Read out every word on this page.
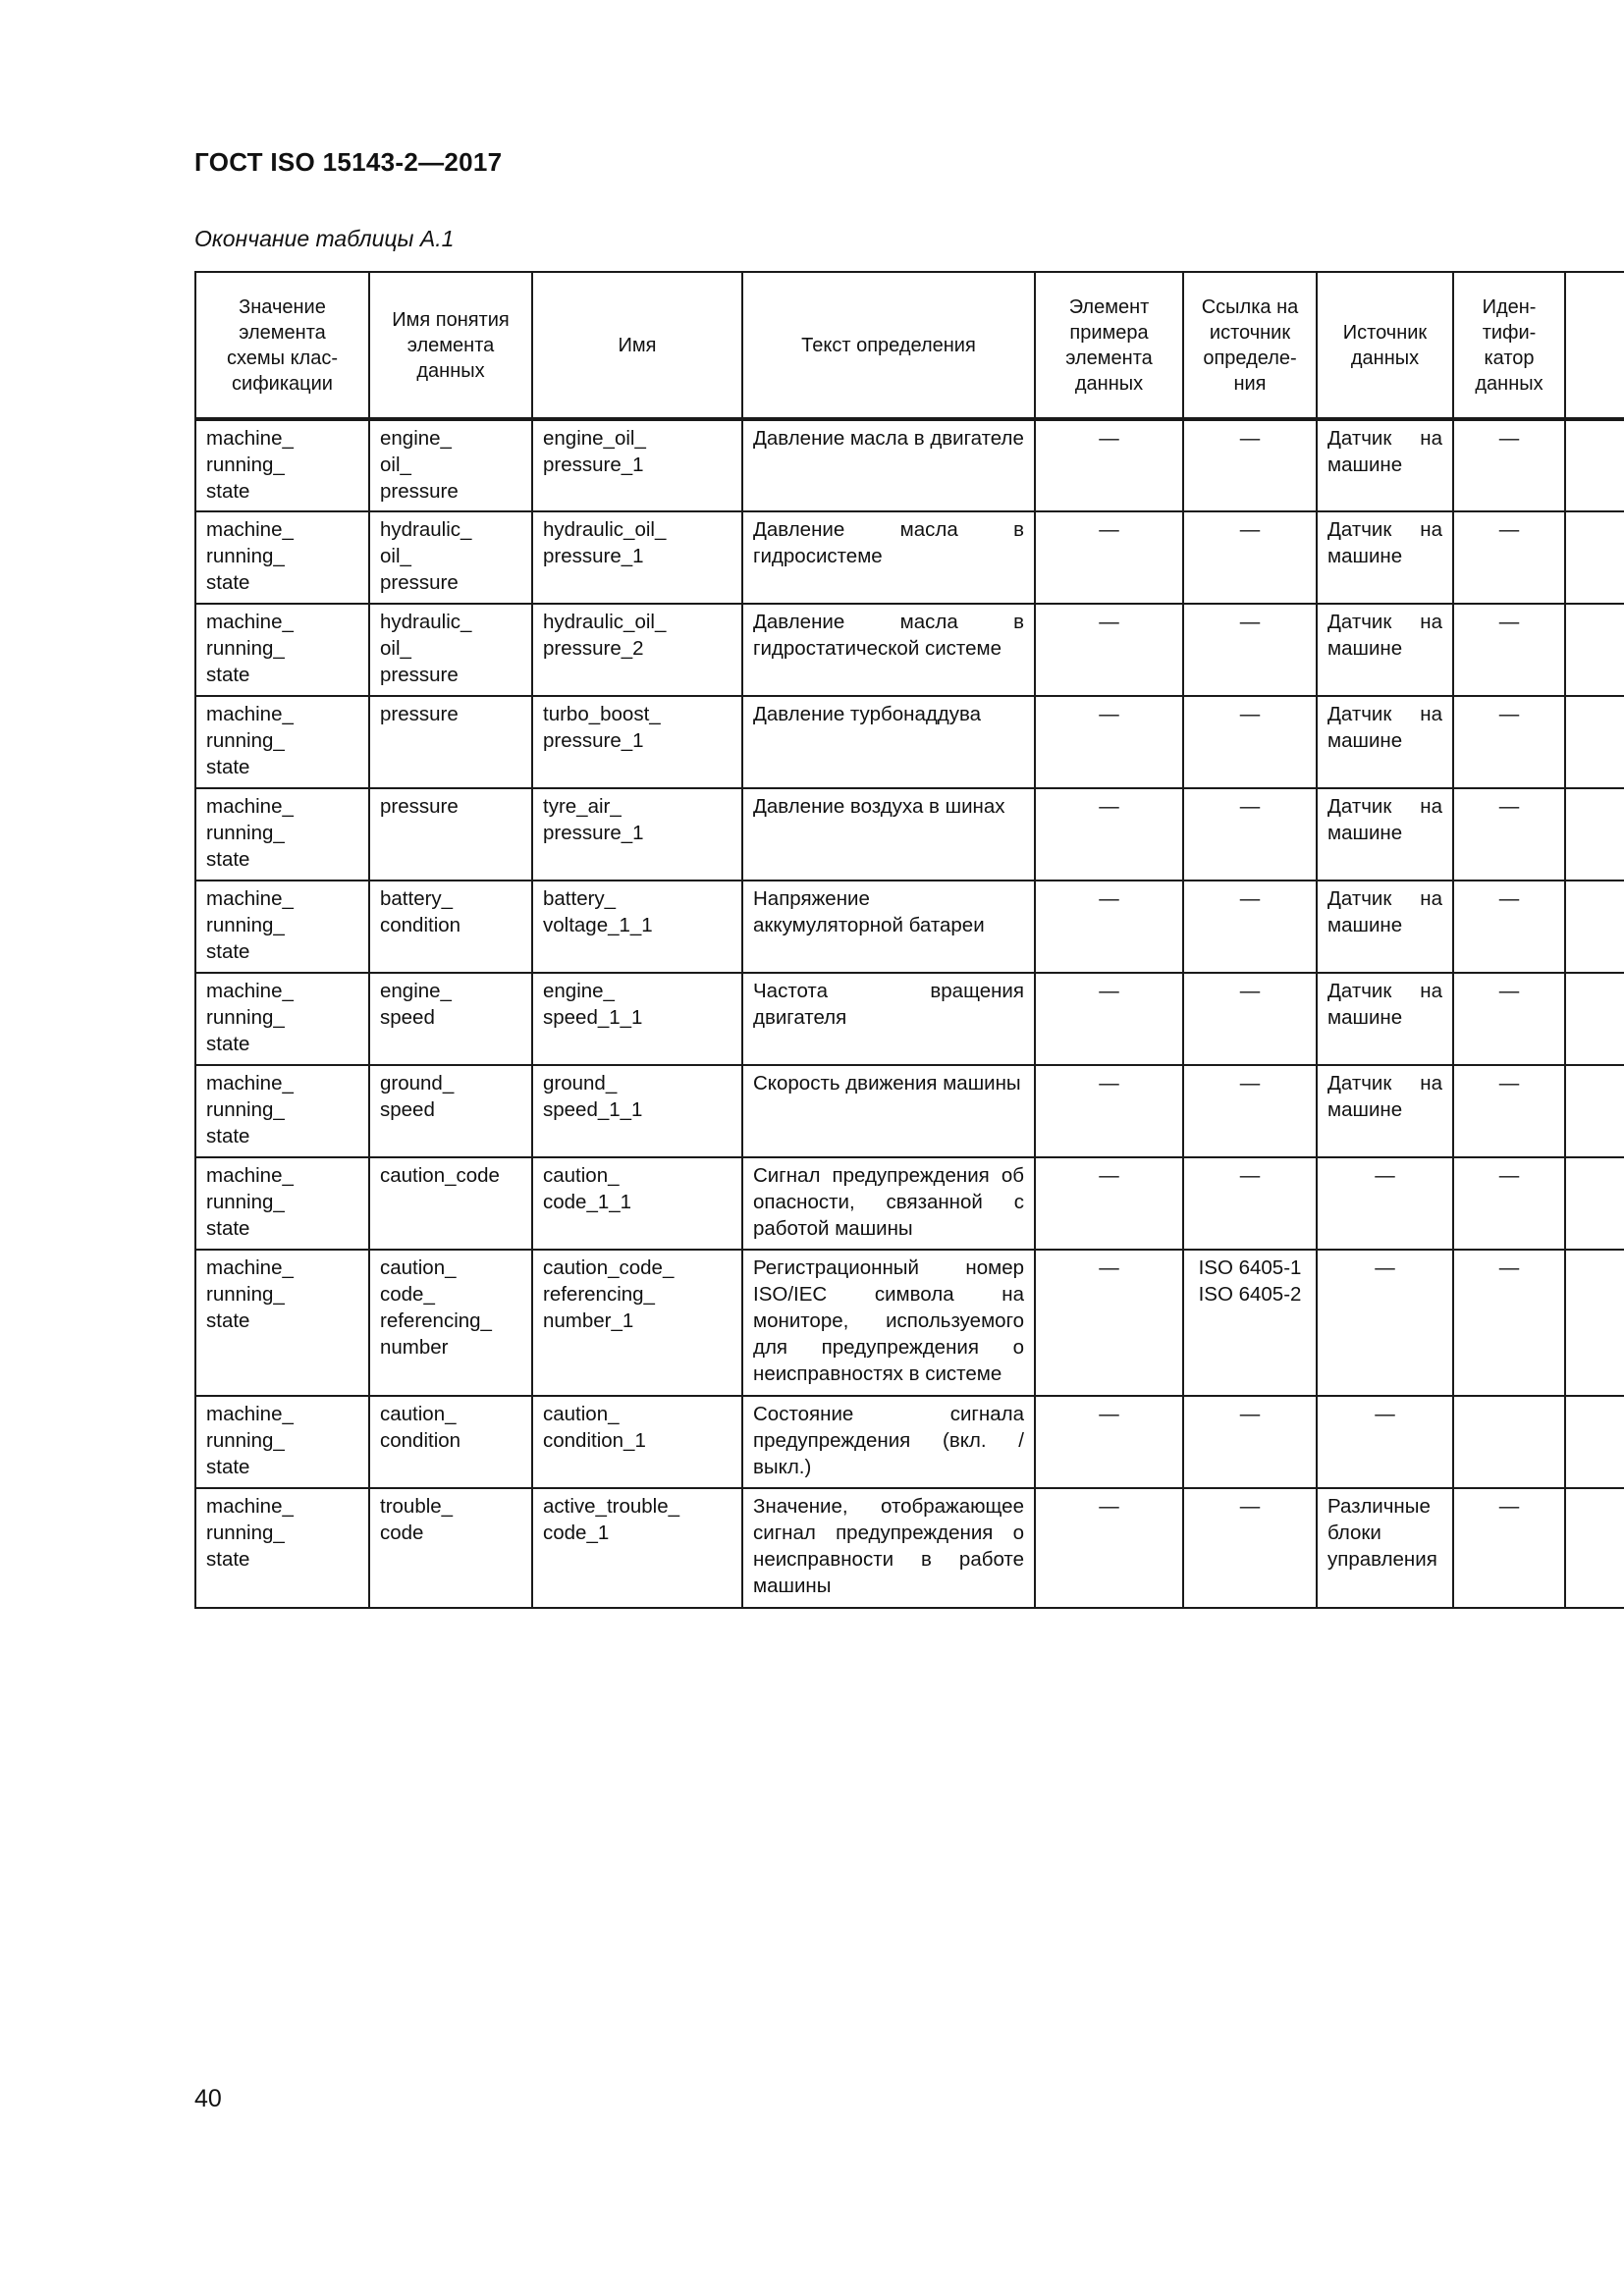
ГОСТ ISO 15143-2—2017
Окончание таблицы А.1
Значение
элемента
схемы клас-
сификации	Имя понятия
элемента
данных	Имя	Текст определения	Элемент
примера
элемента
данных	Ссылка на
источник
определе-
ния	Источник
данных	Иден-
тифи-
катор
данных	

machine_
running_
state	engine_
oil_
pressure	engine_oil_
pressure_1	Давление масла в двигателе	—	—	Датчик на машине	—	

machine_
running_
state	hydraulic_
oil_
pressure	hydraulic_oil_
pressure_1	Давление масла в гидросистеме	—	—	Датчик на машине	—	

machine_
running_
state	hydraulic_
oil_
pressure	hydraulic_oil_
pressure_2	Давление масла в гидростатической системе	—	—	Датчик на машине	—	

machine_
running_
state	pressure	turbo_boost_
pressure_1	Давление турбонаддува	—	—	Датчик на машине	—	

machine_
running_
state	pressure	tyre_air_
pressure_1	Давление воздуха в шинах	—	—	Датчик на машине	—	

machine_
running_
state	battery_
condition	battery_
voltage_1_1	Напряжение аккумуляторной батареи	—	—	Датчик на машине	—	

machine_
running_
state	engine_
speed	engine_
speed_1_1	Частота вращения двигателя	—	—	Датчик на машине	—	

machine_
running_
state	ground_
speed	ground_
speed_1_1	Скорость движения машины	—	—	Датчик на машине	—	

machine_
running_
state	caution_code	caution_
code_1_1	Сигнал предупреждения об опасности, связанной с работой машины	—	—	—	—	

machine_
running_
state	caution_
code_
referencing_
number	caution_code_
referencing_
number_1	Регистрационный номер ISO/IEC символа на мониторе, используемого для предупреждения о неисправностях в системе	—	ISO 6405-1
ISO 6405-2	—	—	

machine_
running_
state	caution_
condition	caution_
condition_1	Состояние сигнала предупреждения (вкл. / выкл.)	—	—	—		

machine_
running_
state	trouble_
code	active_trouble_
code_1	Значение, отображающее сигнал предупреждения о неисправности в работе машины	—	—	Различные блоки управления	—	
40
